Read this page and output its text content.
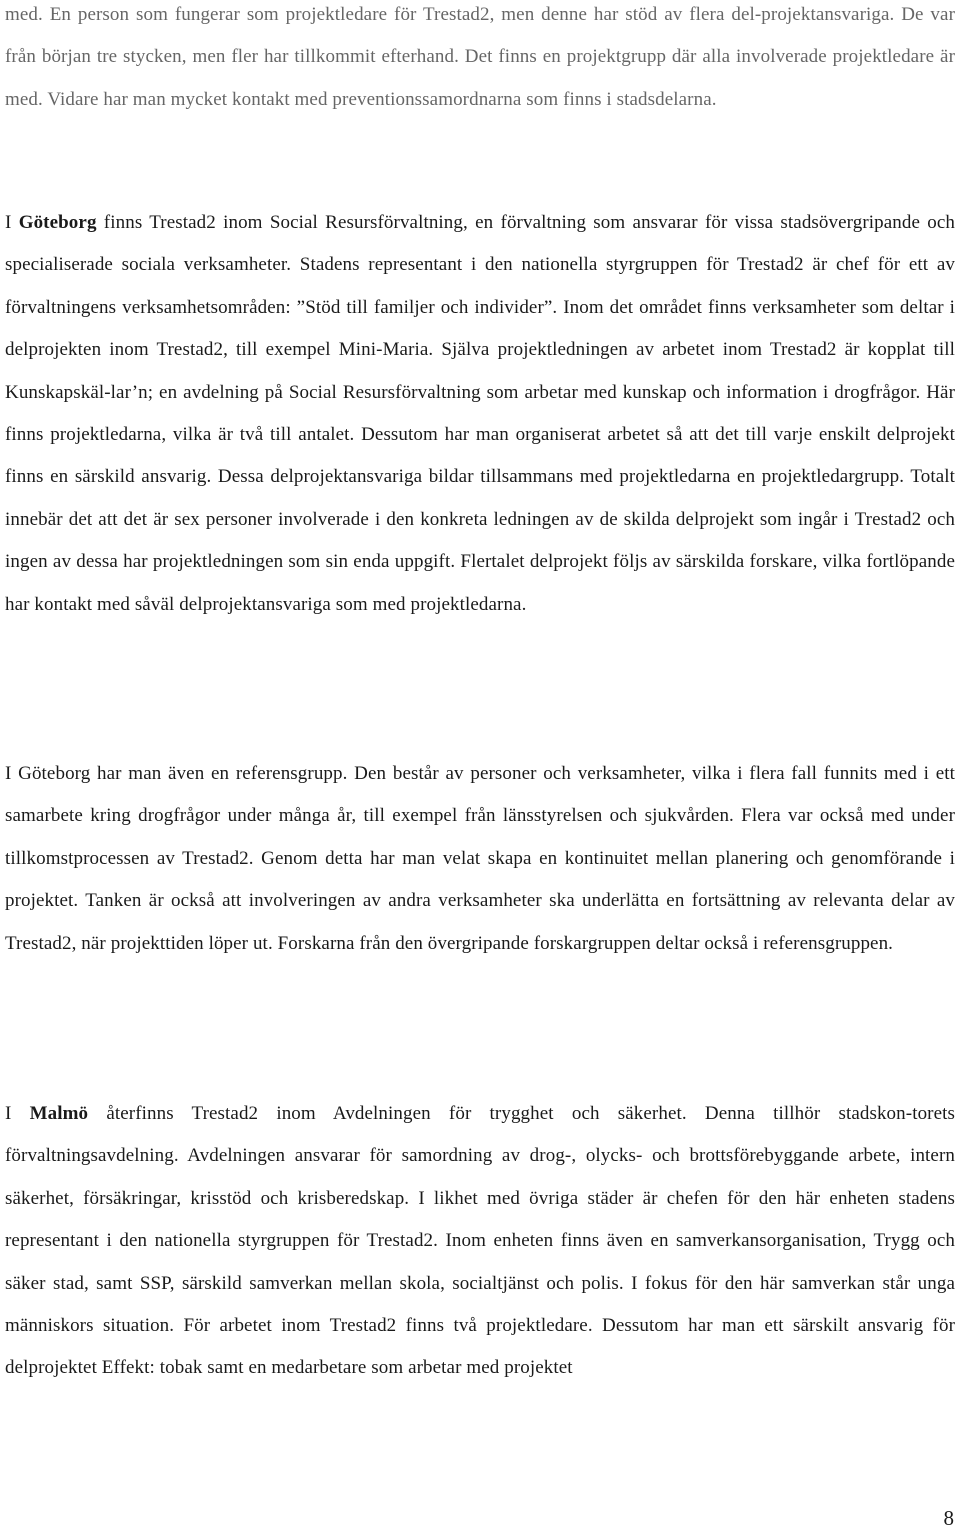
med. En person som fungerar som projektledare för Trestad2, men denne har stöd av flera del-projektansvariga. De var från början tre stycken, men fler har tillkommit efterhand. Det finns en projektgrupp där alla involverade projektledare är med. Vidare har man mycket kontakt med preventionssamordnarna som finns i stadsdelarna.

I Göteborg finns Trestad2 inom Social Resursförvaltning, en förvaltning som ansvarar för vissa stadsövergripande och specialiserade sociala verksamheter. Stadens representant i den nationella styrgruppen för Trestad2 är chef för ett av förvaltningens verksamhetsområden: ”Stöd till familjer och individer”. Inom det området finns verksamheter som deltar i delprojekten inom Trestad2, till exempel Mini-Maria. Själva projektledningen av arbetet inom Trestad2 är kopplat till Kunskapskäl-lar’n; en avdelning på Social Resursförvaltning som arbetar med kunskap och information i drogfrågor. Här finns projektledarna, vilka är två till antalet. Dessutom har man organiserat arbetet så att det till varje enskilt delprojekt finns en särskild ansvarig. Dessa delprojektansvariga bildar tillsammans med projektledarna en projektledargrupp. Totalt innebär det att det är sex personer involverade i den konkreta ledningen av de skilda delprojekt som ingår i Trestad2 och ingen av dessa har projektledningen som sin enda uppgift. Flertalet delprojekt följs av särskilda forskare, vilka fortlöpande har kontakt med såväl delprojektansvariga som med projektledarna.

I Göteborg har man även en referensgrupp. Den består av personer och verksamheter, vilka i flera fall funnits med i ett samarbete kring drogfrågor under många år, till exempel från länsstyrelsen och sjukvården. Flera var också med under tillkomstprocessen av Trestad2. Genom detta har man velat skapa en kontinuitet mellan planering och genomförande i projektet. Tanken är också att involveringen av andra verksamheter ska underlätta en fortsättning av relevanta delar av Trestad2, när projekttiden löper ut. Forskarna från den övergripande forskargruppen deltar också i referensgruppen.

I Malmö återfinns Trestad2 inom Avdelningen för trygghet och säkerhet. Denna tillhör stadskon-torets förvaltningsavdelning. Avdelningen ansvarar för samordning av drog-, olycks- och brottsförebyggande arbete, intern säkerhet, försäkringar, krisstöd och krisberedskap. I likhet med övriga städer är chefen för den här enheten stadens representant i den nationella styrgruppen för Trestad2. Inom enheten finns även en samverkansorganisation, Trygg och säker stad, samt SSP, särskild samverkan mellan skola, socialtjänst och polis. I fokus för den här samverkan står unga människors situation. För arbetet inom Trestad2 finns två projektledare. Dessutom har man ett särskilt ansvarig för delprojektet Effekt: tobak samt en medarbetare som arbetar med projektet

8
